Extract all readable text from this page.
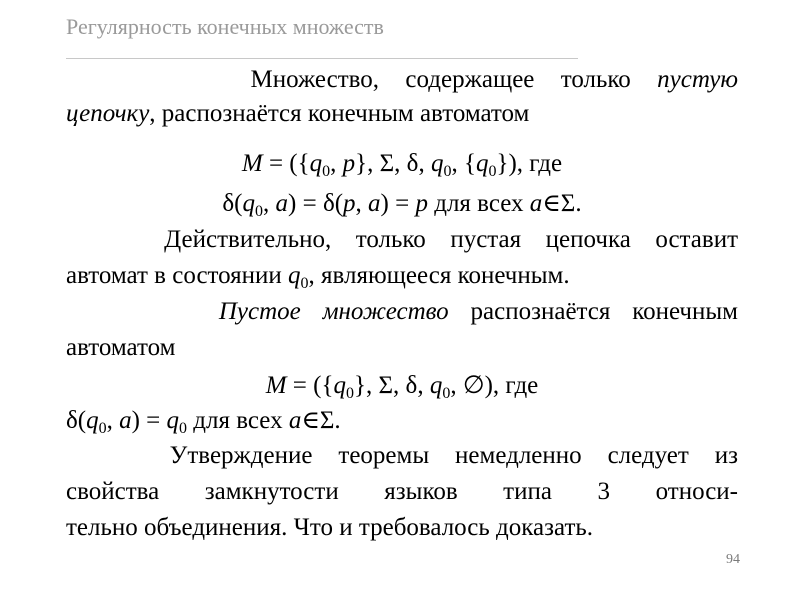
Регулярность конечных множеств
Множество, содержащее только пустую
цепочку, распознаётся конечным автоматом
$M = (\{q_0$, p}, Σ, δ, $q_0$, $\{q_0\}$), где
$\delta(q_0$, a) = δ(p, a) = p для всех a∈Σ.
Действительно, только пустая цепочка оставит
автомат в состоянии $q_0$, являющееся конечным.
Пустое множество распознаётся конечным
автоматом
$M = (\{q_0\}$, Σ, δ, $q_0$, ∅), где
$\delta(q_0$, $a) = q_0$ для всех a∈Σ.
Утверждение теоремы немедленно следует из
свойства замкнутости языков типа 3 относи-
тельно объединения. Что и требовалось доказать.
94
